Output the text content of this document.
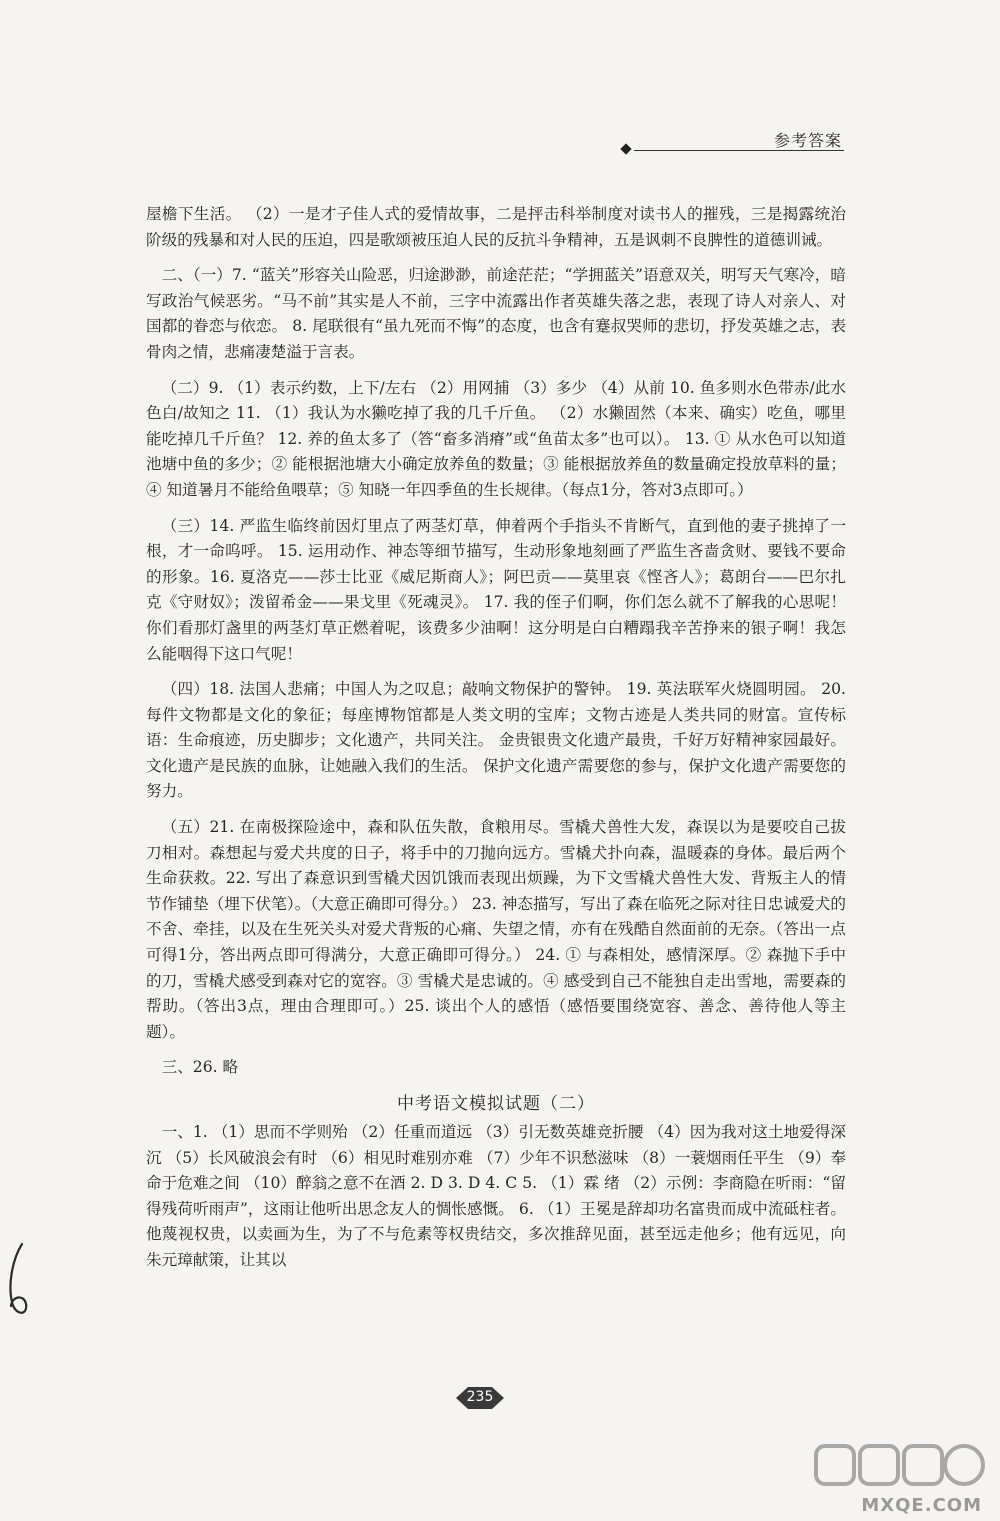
参考答案

屋檐下生活。 （2）一是才子佳人式的爱情故事，二是抨击科举制度对读书人的摧残，三是揭露统治阶级的残暴和对人民的压迫，四是歌颂被压迫人民的反抗斗争精神，五是讽刺不良脾性的道德训诫。

二、（一）7. “蓝关”形容关山险恶，归途渺渺，前途茫茫；“学拥蓝关”语意双关，明写天气寒冷，暗写政治气候恶劣。“马不前”其实是人不前，三字中流露出作者英雄失落之悲，表现了诗人对亲人、对国都的眷恋与依恋。 8. 尾联很有“虽九死而不悔”的态度，也含有蹇叔哭师的悲切，抒发英雄之志，表骨肉之情，悲痛凄楚溢于言表。

（二）9. （1）表示约数，上下/左右 （2）用网捕 （3）多少 （4）从前 10. 鱼多则水色带赤/此水色白/故知之 11. （1）我认为水獭吃掉了我的几千斤鱼。 （2）水獭固然（本来、确实）吃鱼，哪里能吃掉几千斤鱼？ 12. 养的鱼太多了（答“畜多消瘠”或“鱼苗太多”也可以）。 13. ① 从水色可以知道池塘中鱼的多少；② 能根据池塘大小确定放养鱼的数量；③ 能根据放养鱼的数量确定投放草料的量；④ 知道暑月不能给鱼喂草；⑤ 知晓一年四季鱼的生长规律。（每点1分，答对3点即可。）

（三）14. 严监生临终前因灯里点了两茎灯草，伸着两个手指头不肯断气，直到他的妻子挑掉了一根，才一命呜呼。 15. 运用动作、神态等细节描写，生动形象地刻画了严监生吝啬贪财、要钱不要命的形象。16. 夏洛克——莎士比亚《威尼斯商人》；阿巴贡——莫里哀《悭吝人》；葛朗台——巴尔扎克《守财奴》；泼留希金——果戈里《死魂灵》。 17. 我的侄子们啊，你们怎么就不了解我的心思呢！你们看那灯盏里的两茎灯草正燃着呢，该费多少油啊！这分明是白白糟蹋我辛苦挣来的银子啊！我怎么能咽得下这口气呢！

（四）18. 法国人悲痛；中国人为之叹息；敲响文物保护的警钟。 19. 英法联军火烧圆明园。 20. 每件文物都是文化的象征；每座博物馆都是人类文明的宝库；文物古迹是人类共同的财富。宣传标语：生命痕迹，历史脚步；文化遗产，共同关注。 金贵银贵文化遗产最贵，千好万好精神家园最好。 文化遗产是民族的血脉，让她融入我们的生活。 保护文化遗产需要您的参与，保护文化遗产需要您的努力。

（五）21. 在南极探险途中，森和队伍失散，食粮用尽。雪橇犬兽性大发，森误以为是要咬自己拔刀相对。森想起与爱犬共度的日子，将手中的刀抛向远方。雪橇犬扑向森，温暖森的身体。最后两个生命获救。22. 写出了森意识到雪橇犬因饥饿而表现出烦躁，为下文雪橇犬兽性大发、背叛主人的情节作铺垫（埋下伏笔）。（大意正确即可得分。） 23. 神态描写，写出了森在临死之际对往日忠诚爱犬的不舍、牵挂，以及在生死关头对爱犬背叛的心痛、失望之情，亦有在残酷自然面前的无奈。（答出一点可得1分，答出两点即可得满分，大意正确即可得分。） 24. ① 与森相处，感情深厚。② 森抛下手中的刀，雪橇犬感受到森对它的宽容。③ 雪橇犬是忠诚的。④ 感受到自己不能独自走出雪地，需要森的帮助。（答出3点，理由合理即可。）25. 谈出个人的感悟（感悟要围绕宽容、善念、善待他人等主题）。

三、26. 略

中考语文模拟试题（二）

一、1. （1）思而不学则殆 （2）任重而道远 （3）引无数英雄竞折腰 （4）因为我对这土地爱得深沉 （5）长风破浪会有时 （6）相见时难别亦难 （7）少年不识愁滋味 （8）一蓑烟雨任平生 （9）奉命于危难之间 （10）醉翁之意不在酒 2. D 3. D 4. C 5. （1）霖 绪 （2）示例：李商隐在听雨：“留得残荷听雨声”，这雨让他听出思念友人的惆怅感慨。 6. （1）王冕是辞却功名富贵而成中流砥柱者。他蔑视权贵，以卖画为生，为了不与危素等权贵结交，多次推辞见面，甚至远走他乡；他有远见，向朱元璋献策，让其以

235
MXQE.COM
